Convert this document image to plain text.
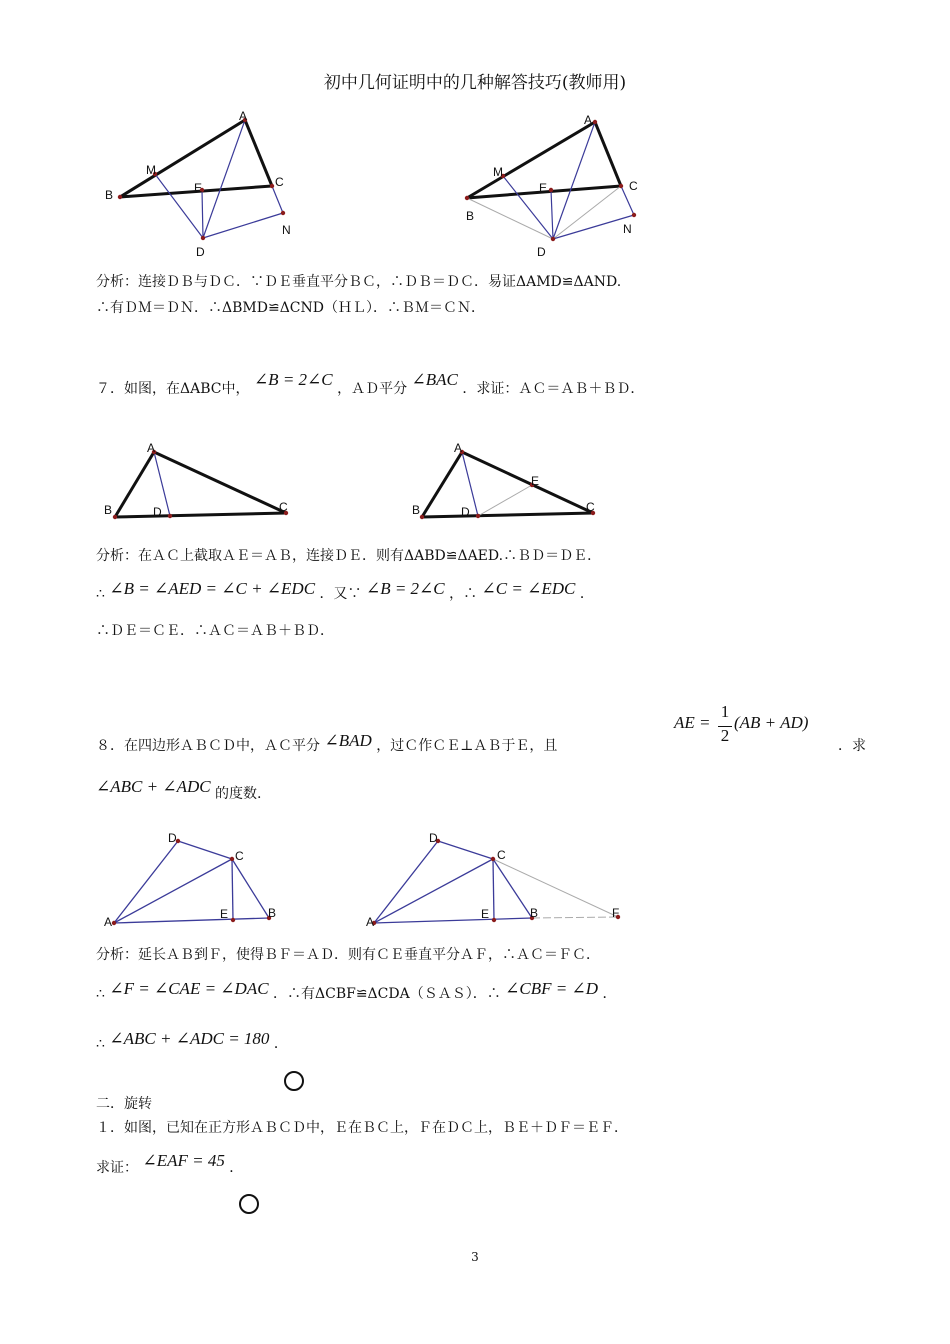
初中几何证明中的几种解答技巧(教师用)
A
M
E	C
B
D
N
A
M
E	C
B
D
N
分析：连接ＤＢ与ＤＣ．∵ＤＥ垂直平分ＢＣ，∴ＤＢ＝ＤＣ．易证ΔAMD≌ΔAND.
∴有ＤＭ＝ＤＮ．∴ΔBMD≌ΔCND（ＨＬ）．∴ＢＭ＝ＣＮ．
７．如图，在ΔABC中， ∠B = 2∠C ，ＡＤ平分 ∠BAC ．求证：ＡＣ＝ＡＢ＋ＢＤ．
A
B	D	C
A
E
B	D	C
分析：在ＡＣ上截取ＡＥ＝ＡＢ，连接ＤＥ．则有ΔABD≌ΔAED.∴ＢＤ＝ＤＥ．
∴ ∠B = ∠AED = ∠C + ∠EDC ．又∵ ∠B = 2∠C ，∴ ∠C = ∠EDC ．
∴ＤＥ＝ＣＥ．∴ＡＣ＝ＡＢ＋ＢＤ．
８．在四边形ＡＢＣＤ中，ＡＣ平分 ∠BAD ，过Ｃ作ＣＥ⊥ＡＢ于Ｅ，且
AE =
1
2
(AB + AD)
．求
∠ABC + ∠ADC 的度数.
D
C
A
E	B
D
C
A
E	B	F
分析：延长ＡＢ到Ｆ，使得ＢＦ＝ＡＤ．则有ＣＥ垂直平分ＡＦ，∴ＡＣ＝ＦＣ．
∴ ∠F = ∠CAE = ∠DAC ．∴有ΔCBF≌ΔCDA（ＳＡＳ）．∴ ∠CBF = ∠D ．
∴ ∠ABC + ∠ADC = 180 ．
二．旋转
１．如图，已知在正方形ＡＢＣＤ中，Ｅ在ＢＣ上，Ｆ在ＤＣ上，ＢＥ＋ＤＦ＝ＥＦ．
求证： ∠EAF = 45 ．
3
